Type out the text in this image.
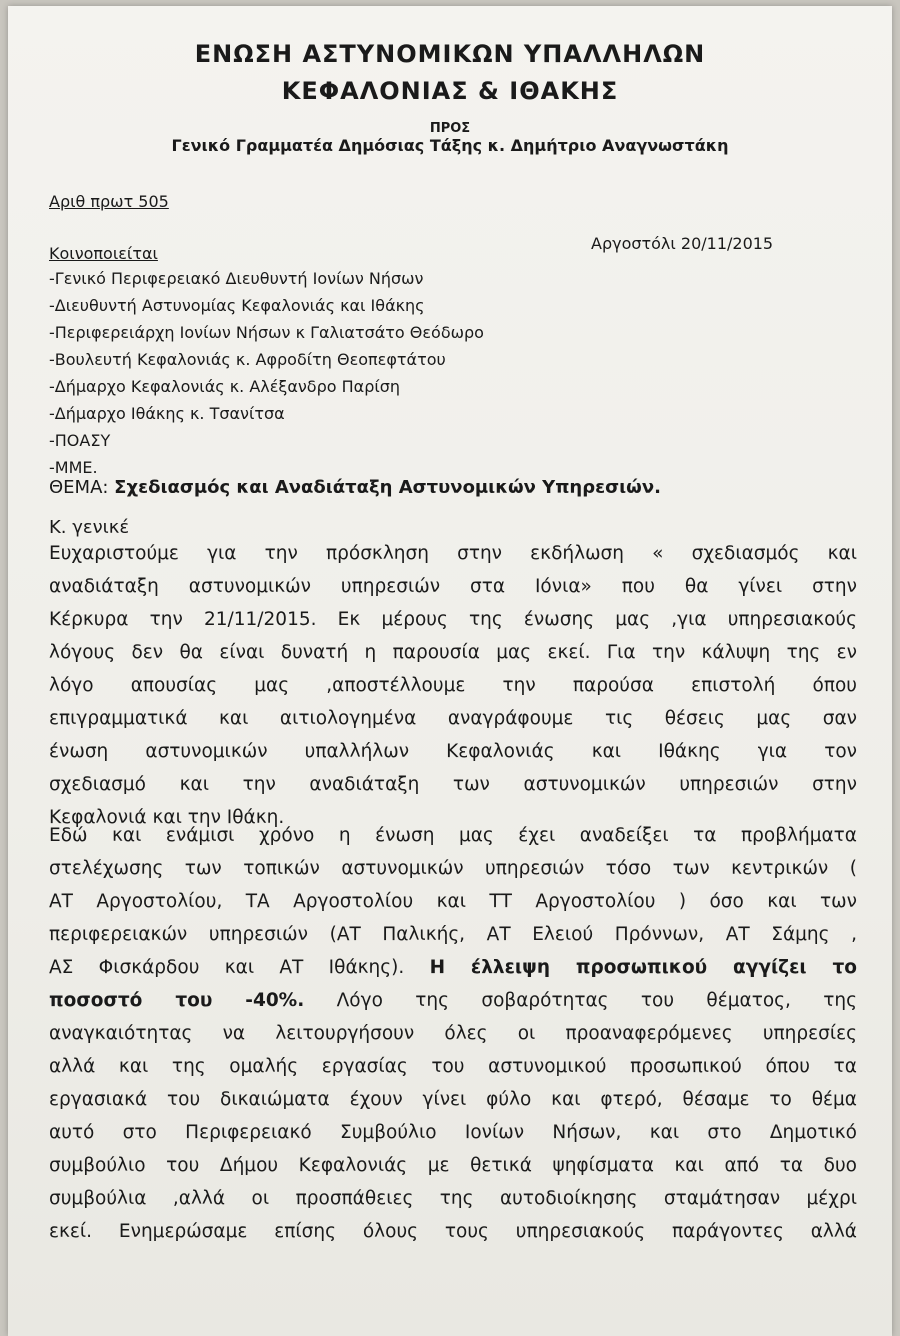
ΕΝΩΣΗ ΑΣΤΥΝΟΜΙΚΩΝ ΥΠΑΛΛΗΛΩΝ
ΚΕΦΑΛΟΝΙΑΣ & ΙΘΑΚΗΣ
ΠΡΟΣ
Γενικό Γραμματέα Δημόσιας Τάξης κ. Δημήτριο Αναγνωστάκη
Αριθ πρωτ 505
Αργοστόλι 20/11/2015
Κοινοποιείται
-Γενικό Περιφερειακό Διευθυντή Ιονίων Νήσων
-Διευθυντή Αστυνομίας Κεφαλονιάς και Ιθάκης
-Περιφερειάρχη Ιονίων Νήσων κ Γαλιατσάτο Θεόδωρο
-Βουλευτή Κεφαλονιάς κ. Αφροδίτη Θεοπεφτάτου
-Δήμαρχο Κεφαλονιάς κ. Αλέξανδρο Παρίση
-Δήμαρχο Ιθάκης κ. Τσανίτσα
-ΠΟΑΣΥ
-ΜΜΕ.
ΘΕΜΑ: Σχεδιασμός και Αναδιάταξη Αστυνομικών Υπηρεσιών.
Κ. γενικέ
Ευχαριστούμε για την πρόσκληση στην εκδήλωση « σχεδιασμός και
αναδιάταξη αστυνομικών υπηρεσιών στα Ιόνια» που θα γίνει στην
Κέρκυρα την 21/11/2015. Εκ μέρους της ένωσης μας ,για υπηρεσιακούς
λόγους δεν θα είναι δυνατή η παρουσία μας εκεί. Για την κάλυψη της εν
λόγο απουσίας μας ,αποστέλλουμε την παρούσα επιστολή όπου
επιγραμματικά και αιτιολογημένα αναγράφουμε τις θέσεις μας σαν
ένωση αστυνομικών υπαλλήλων Κεφαλονιάς και Ιθάκης για τον
σχεδιασμό και την αναδιάταξη των αστυνομικών υπηρεσιών στην
Κεφαλονιά και την Ιθάκη.
Εδώ και ενάμισι χρόνο η ένωση μας έχει αναδείξει τα προβλήματα
στελέχωσης των τοπικών αστυνομικών υπηρεσιών τόσο των κεντρικών (
ΑΤ Αργοστολίου, ΤΑ Αργοστολίου και ΤΤ Αργοστολίου ) όσο και των
περιφερειακών υπηρεσιών (ΑΤ Παλικής, ΑΤ Ελειού Πρόννων, ΑΤ Σάμης ,
ΑΣ Φισκάρδου και ΑΤ Ιθάκης). Η έλλειψη προσωπικού αγγίζει το
ποσοστό του -40%. Λόγο της σοβαρότητας του θέματος, της
αναγκαιότητας να λειτουργήσουν όλες οι προαναφερόμενες υπηρεσίες
αλλά και της ομαλής εργασίας του αστυνομικού προσωπικού όπου τα
εργασιακά του δικαιώματα έχουν γίνει φύλο και φτερό, θέσαμε το θέμα
αυτό στο Περιφερειακό Συμβούλιο Ιονίων Νήσων, και στο Δημοτικό
συμβούλιο του Δήμου Κεφαλονιάς με θετικά ψηφίσματα και από τα δυο
συμβούλια ,αλλά οι προσπάθειες της αυτοδιοίκησης σταμάτησαν μέχρι
εκεί. Ενημερώσαμε επίσης όλους τους υπηρεσιακούς παράγοντες αλλά
